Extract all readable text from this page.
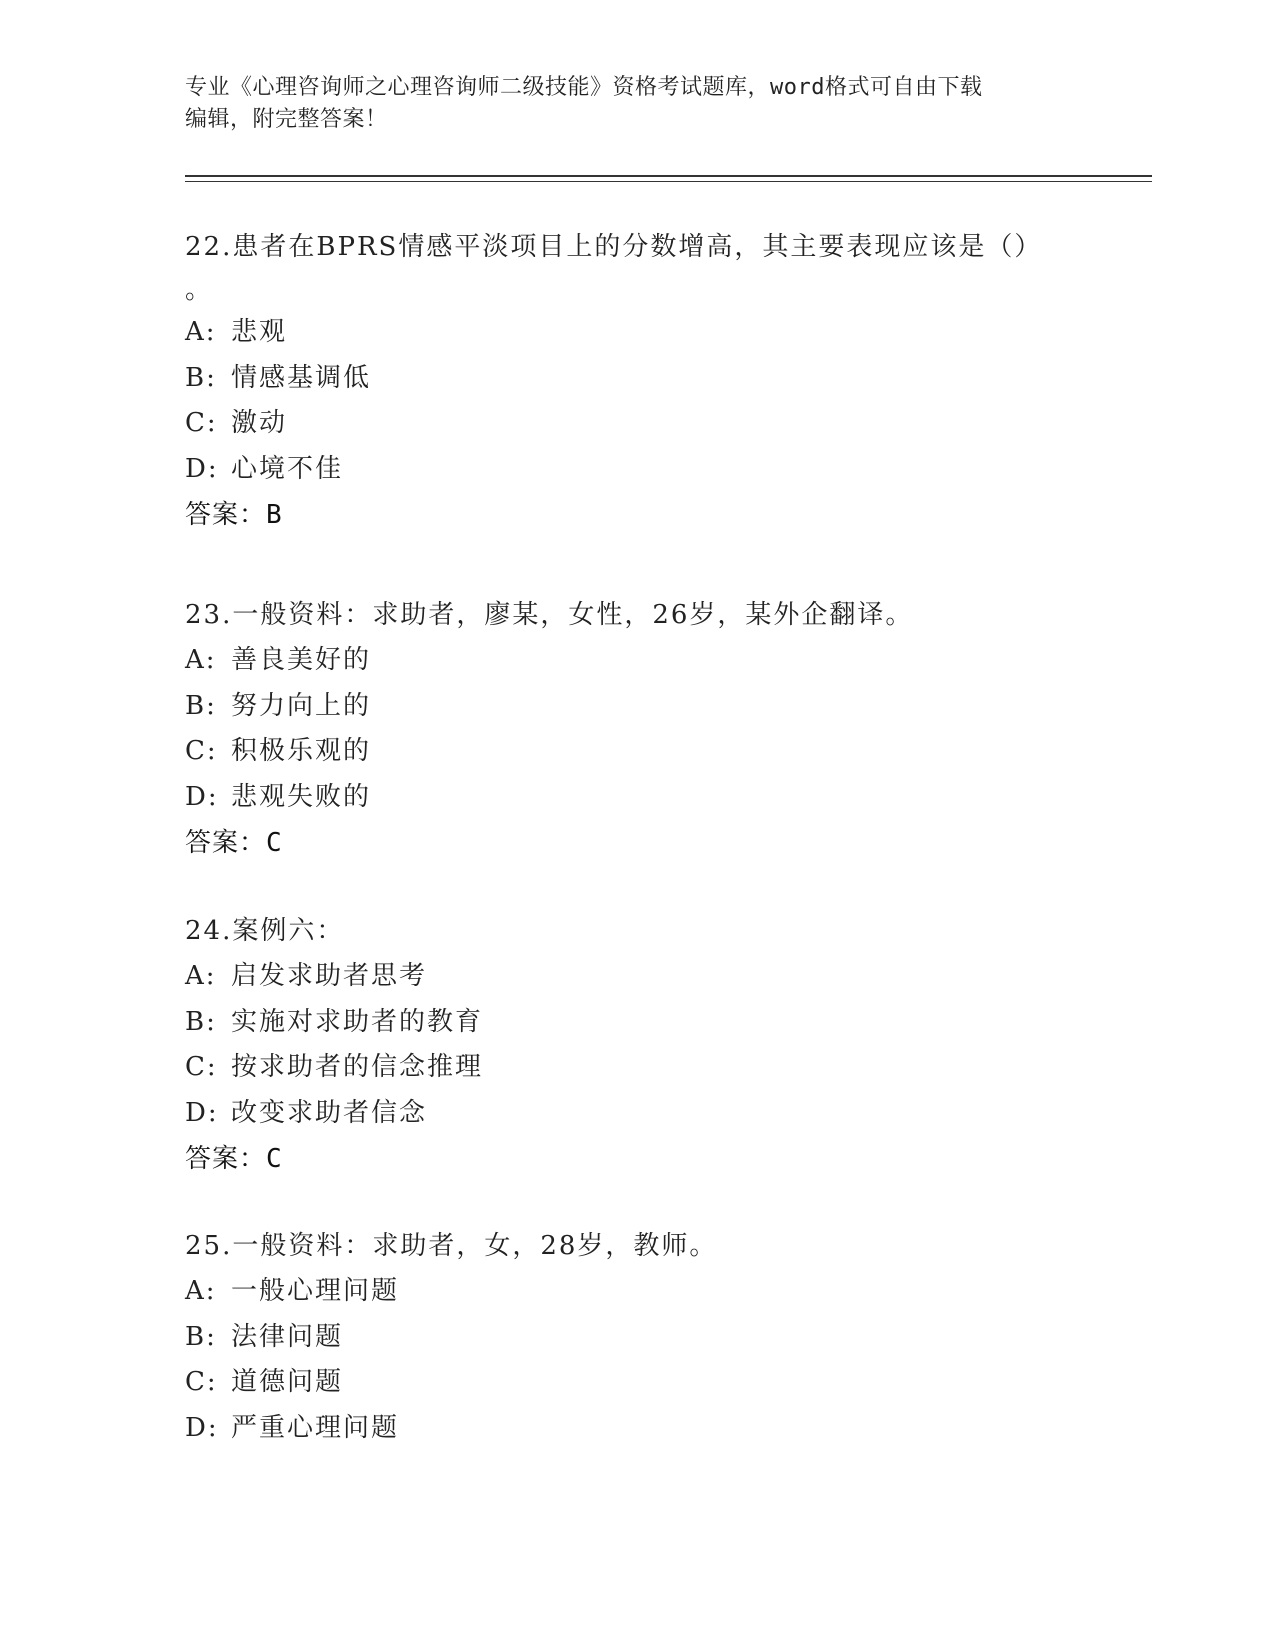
专业《心理咨询师之心理咨询师二级技能》资格考试题库，word格式可自由下载
编辑，附完整答案！
22.患者在BPRS情感平淡项目上的分数增高，其主要表现应该是（）
。
A: 悲观
B: 情感基调低
C: 激动
D: 心境不佳
答案： B
23.一般资料：求助者，廖某，女性，26岁，某外企翻译。
A: 善良美好的
B: 努力向上的
C: 积极乐观的
D: 悲观失败的
答案： C
24.案例六：
A: 启发求助者思考
B: 实施对求助者的教育
C: 按求助者的信念推理
D: 改变求助者信念
答案： C
25.一般资料：求助者，女，28岁，教师。
A: 一般心理问题
B: 法律问题
C: 道德问题
D: 严重心理问题
